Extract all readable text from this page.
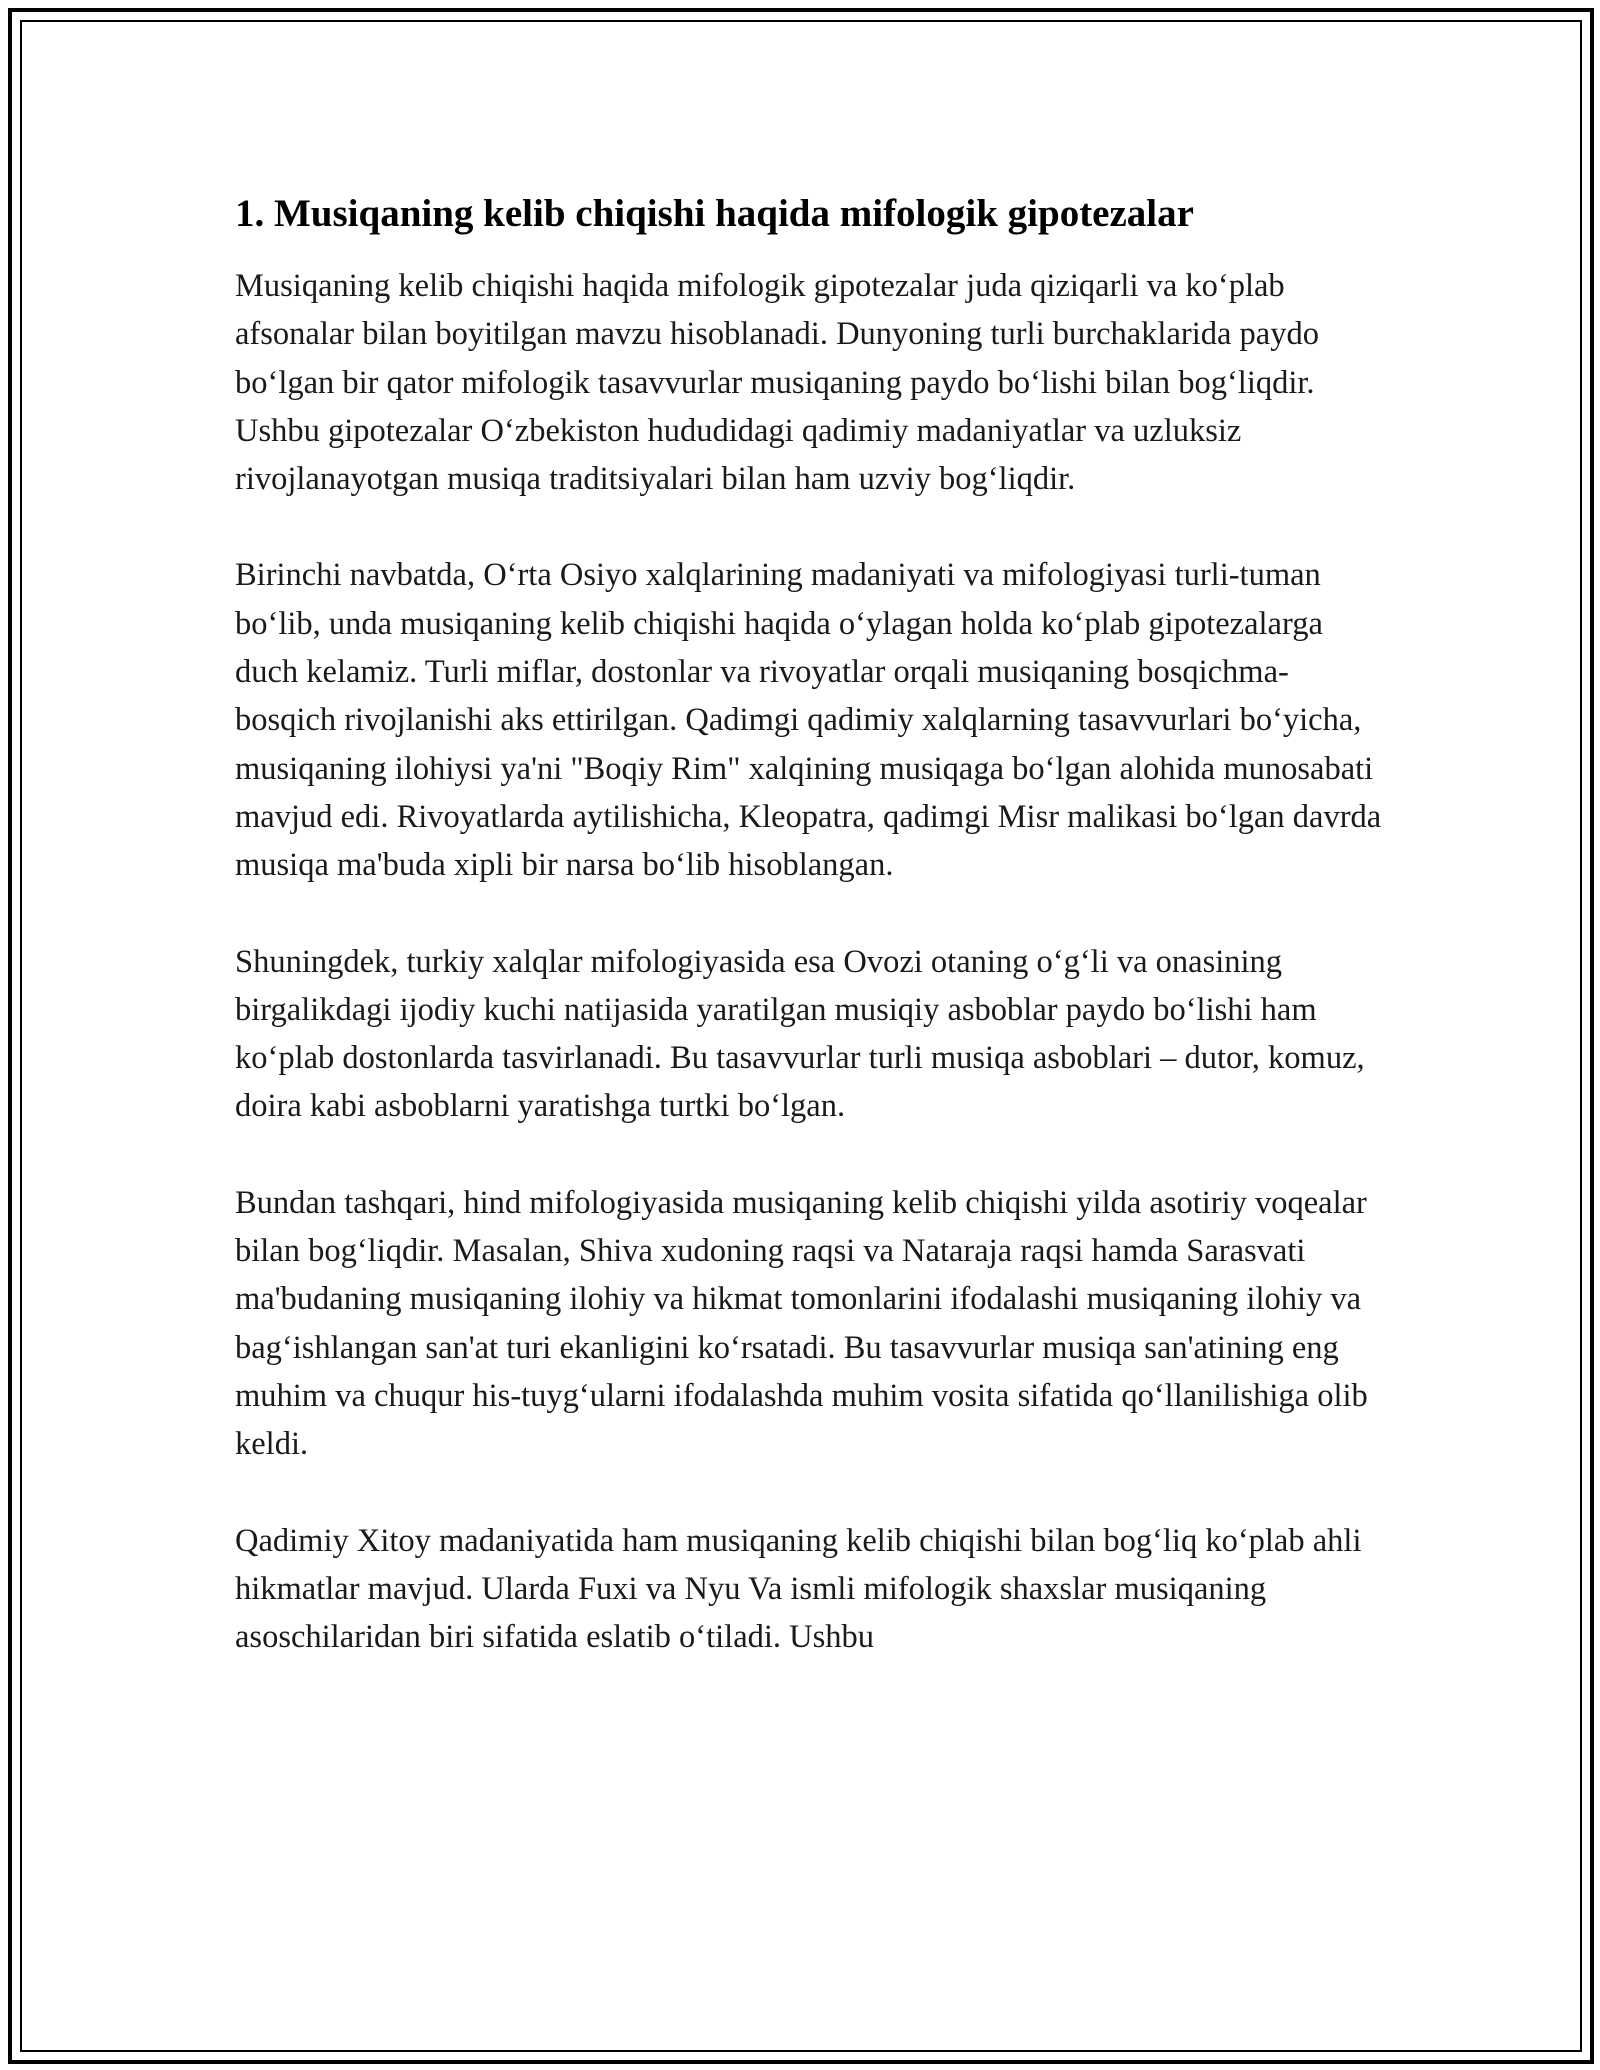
1. Musiqaning kelib chiqishi haqida mifologik gipotezalar

Musiqaning kelib chiqishi haqida mifologik gipotezalar juda qiziqarli va ko‘plab afsonalar bilan boyitilgan mavzu hisoblanadi. Dunyoning turli burchaklarida paydo bo‘lgan bir qator mifologik tasavvurlar musiqaning paydo bo‘lishi bilan bog‘liqdir. Ushbu gipotezalar O‘zbekiston hududidagi qadimiy madaniyatlar va uzluksiz rivojlanayotgan musiqa traditsiyalari bilan ham uzviy bog‘liqdir.

Birinchi navbatda, O‘rta Osiyo xalqlarining madaniyati va mifologiyasi turli-tuman bo‘lib, unda musiqaning kelib chiqishi haqida o‘ylagan holda ko‘plab gipotezalarga duch kelamiz. Turli miflar, dostonlar va rivoyatlar orqali musiqaning bosqichma-bosqich rivojlanishi aks ettirilgan. Qadimgi qadimiy xalqlarning tasavvurlari bo‘yicha, musiqaning ilohiysi ya'ni "Boqiy Rim" xalqining musiqaga bo‘lgan alohida munosabati mavjud edi. Rivoyatlarda aytilishicha, Kleopatra, qadimgi Misr malikasi bo‘lgan davrda musiqa ma'buda xipli bir narsa bo‘lib hisoblangan.

Shuningdek, turkiy xalqlar mifologiyasida esa Ovozi otaning o‘g‘li va onasining birgalikdagi ijodiy kuchi natijasida yaratilgan musiqiy asboblar paydo bo‘lishi ham ko‘plab dostonlarda tasvirlanadi. Bu tasavvurlar turli musiqa asboblari – dutor, komuz, doira kabi asboblarni yaratishga turtki bo‘lgan.

Bundan tashqari, hind mifologiyasida musiqaning kelib chiqishi yilda asotiriy voqealar bilan bog‘liqdir. Masalan, Shiva xudoning raqsi va Nataraja raqsi hamda Sarasvati ma'budaning musiqaning ilohiy va hikmat tomonlarini ifodalashi musiqaning ilohiy va bag‘ishlangan san'at turi ekanligini ko‘rsatadi. Bu tasavvurlar musiqa san'atining eng muhim va chuqur his-tuyg‘ularni ifodalashda muhim vosita sifatida qo‘llanilishiga olib keldi.

Qadimiy Xitoy madaniyatida ham musiqaning kelib chiqishi bilan bog‘liq ko‘plab ahli hikmatlar mavjud. Ularda Fuxi va Nyu Va ismli mifologik shaxslar musiqaning asoschilaridan biri sifatida eslatib o‘tiladi. Ushbu
